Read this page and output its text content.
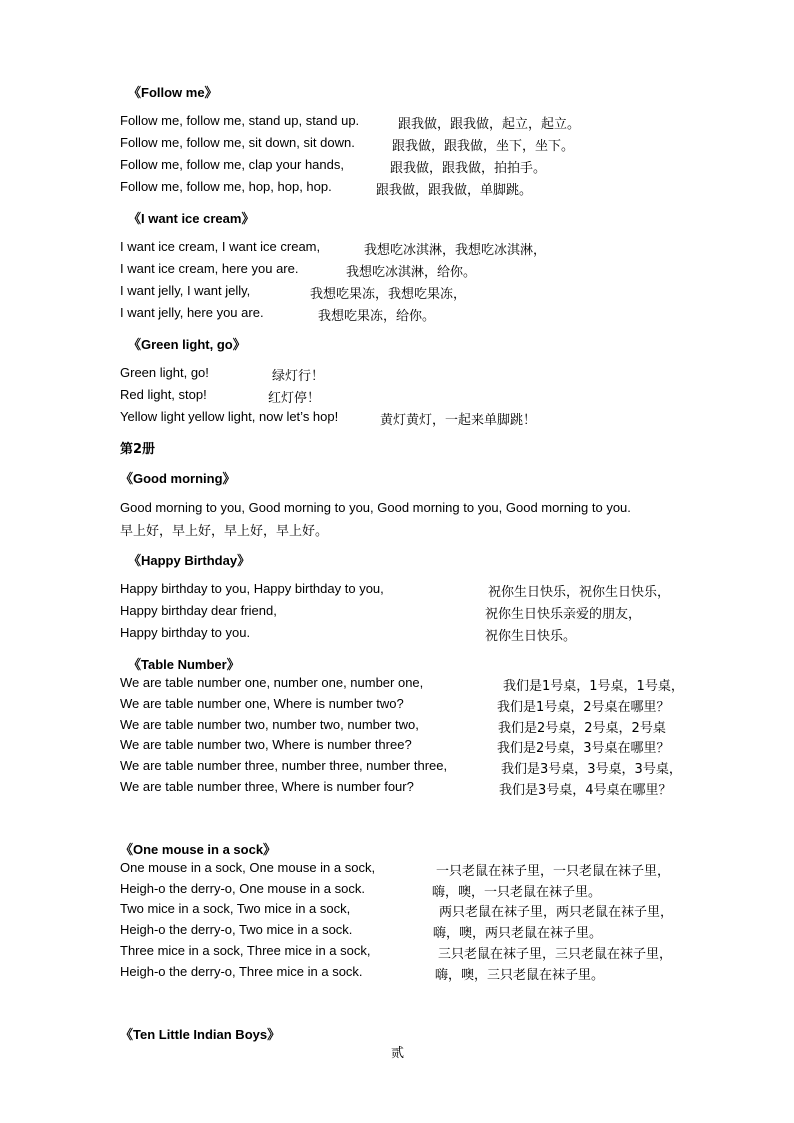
《Follow me》
Follow me, follow me, stand up, stand up.	跟我做，跟我做，起立，起立。
Follow me, follow me, sit down, sit down.	跟我做，跟我做，坐下，坐下。
Follow me, follow me, clap your hands,	跟我做，跟我做，拍拍手。
Follow me, follow me, hop, hop, hop.	跟我做，跟我做，单脚跳。
《I want ice cream》
I want ice cream, I want ice cream,	我想吃冰淇淋，我想吃冰淇淋，
I want ice cream, here you are.	我想吃冰淇淋，给你。
I want jelly, I want jelly,	我想吃果冻，我想吃果冻，
I want jelly, here you are.	我想吃果冻，给你。
《Green light, go》
Green light, go!	绿灯行！
Red light, stop!	红灯停！
Yellow light yellow light, now let’s hop!	黄灯黄灯，一起来单脚跳！
第2册
《Good morning》
Good morning to you, Good morning to you, Good morning to you, Good morning to you.
早上好，早上好，早上好，早上好。
《Happy Birthday》
Happy birthday to you, Happy birthday to you,	祝你生日快乐，祝你生日快乐，
Happy birthday dear friend,	祝你生日快乐亲爱的朋友，
Happy birthday to you.	祝你生日快乐。
《Table Number》
We are table number one, number one, number one,	我们是1号桌，1号桌，1号桌，
We are table number one, Where is number two?	我们是1号桌，2号桌在哪里？
We are table number two, number two, number two,	我们是2号桌，2号桌，2号桌
We are table number two, Where is number three?	我们是2号桌，3号桌在哪里？
We are table number three, number three, number three,	我们是3号桌，3号桌，3号桌，
We are table number three, Where is number four?	我们是3号桌，4号桌在哪里？
《One mouse in a sock》
One mouse in a sock, One mouse in a sock,	一只老鼠在袜子里，一只老鼠在袜子里，
Heigh-o the derry-o, One mouse in a sock.	嗨，噢，一只老鼠在袜子里。
Two mice in a sock, Two mice in a sock,	两只老鼠在袜子里，两只老鼠在袜子里，
Heigh-o the derry-o, Two mice in a sock.	嗨，噢，两只老鼠在袜子里。
Three mice in a sock, Three mice in a sock,	三只老鼠在袜子里，三只老鼠在袜子里，
Heigh-o the derry-o, Three mice in a sock.	嗨，噢，三只老鼠在袜子里。
《Ten Little Indian Boys》
贰
